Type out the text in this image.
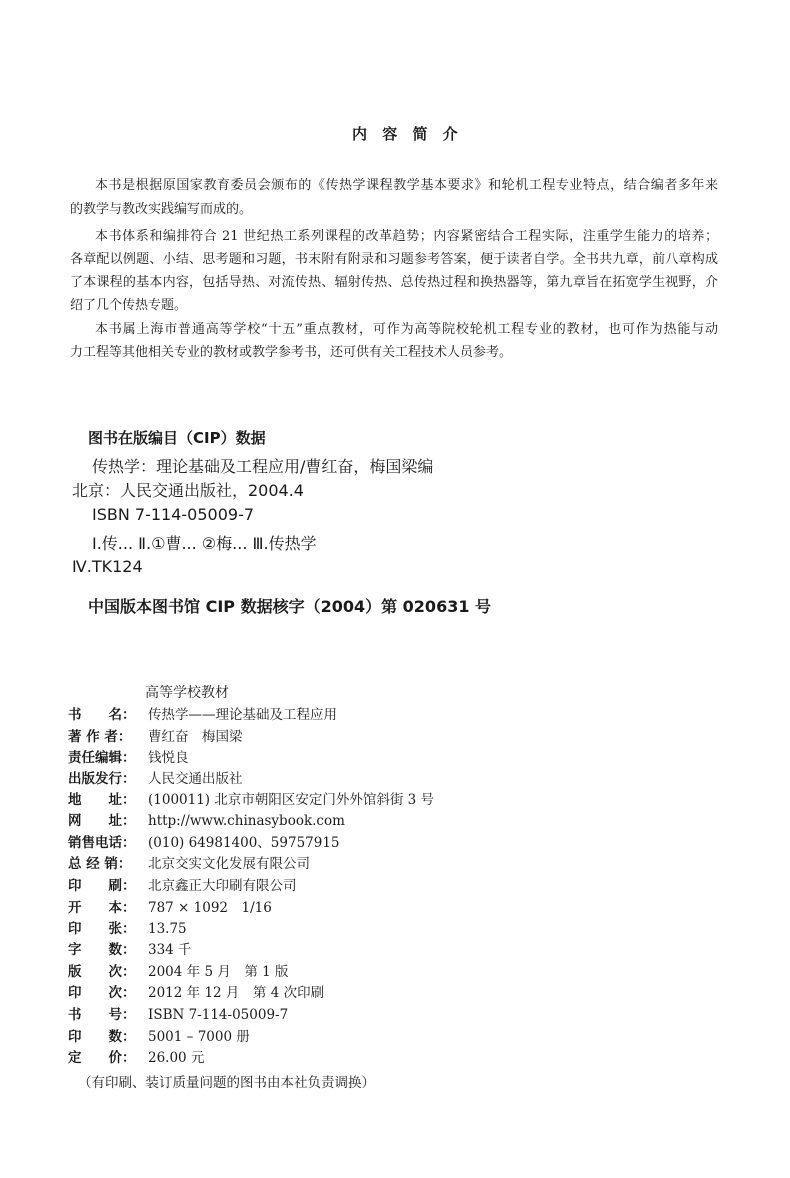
内 容 简 介
本书是根据原国家教育委员会颁布的《传热学课程教学基本要求》和轮机工程专业特点，结合编者多年来
的教学与教改实践编写而成的。
本书体系和编排符合 21 世纪热工系列课程的改革趋势；内容紧密结合工程实际，注重学生能力的培养；
各章配以例题、小结、思考题和习题，书末附有附录和习题参考答案，便于读者自学。全书共九章，前八章构成
了本课程的基本内容，包括导热、对流传热、辐射传热、总传热过程和换热器等，第九章旨在拓宽学生视野，介
绍了几个传热专题。
本书属上海市普通高等学校“十五”重点教材，可作为高等院校轮机工程专业的教材，也可作为热能与动
力工程等其他相关专业的教材或教学参考书，还可供有关工程技术人员参考。
图书在版编目（CIP）数据
传热学：理论基础及工程应用/曹红奋，梅国梁编
北京：人民交通出版社，2004.4
ISBN 7-114-05009-7
Ⅰ.传... Ⅱ.①曹... ②梅... Ⅲ.传热学
Ⅳ.TK124
中国版本图书馆 CIP 数据核字（2004）第 020631 号
高等学校教材
书　　名： 传热学——理论基础及工程应用
著 作 者： 曹红奋　梅国梁
责任编辑： 钱悦良
出版发行： 人民交通出版社
地　　址： (100011) 北京市朝阳区安定门外外馆斜街 3 号
网　　址： http://www.chinasybook.com
销售电话： (010) 64981400、59757915
总 经 销： 北京交实文化发展有限公司
印　　刷： 北京鑫正大印刷有限公司
开　　本： 787 × 1092　1/16
印　　张： 13.75
字　　数： 334 千
版　　次： 2004 年 5 月　第 1 版
印　　次： 2012 年 12 月　第 4 次印刷
书　　号： ISBN 7-114-05009-7
印　　数： 5001 – 7000 册
定　　价： 26.00 元
（有印刷、装订质量问题的图书由本社负责调换）
